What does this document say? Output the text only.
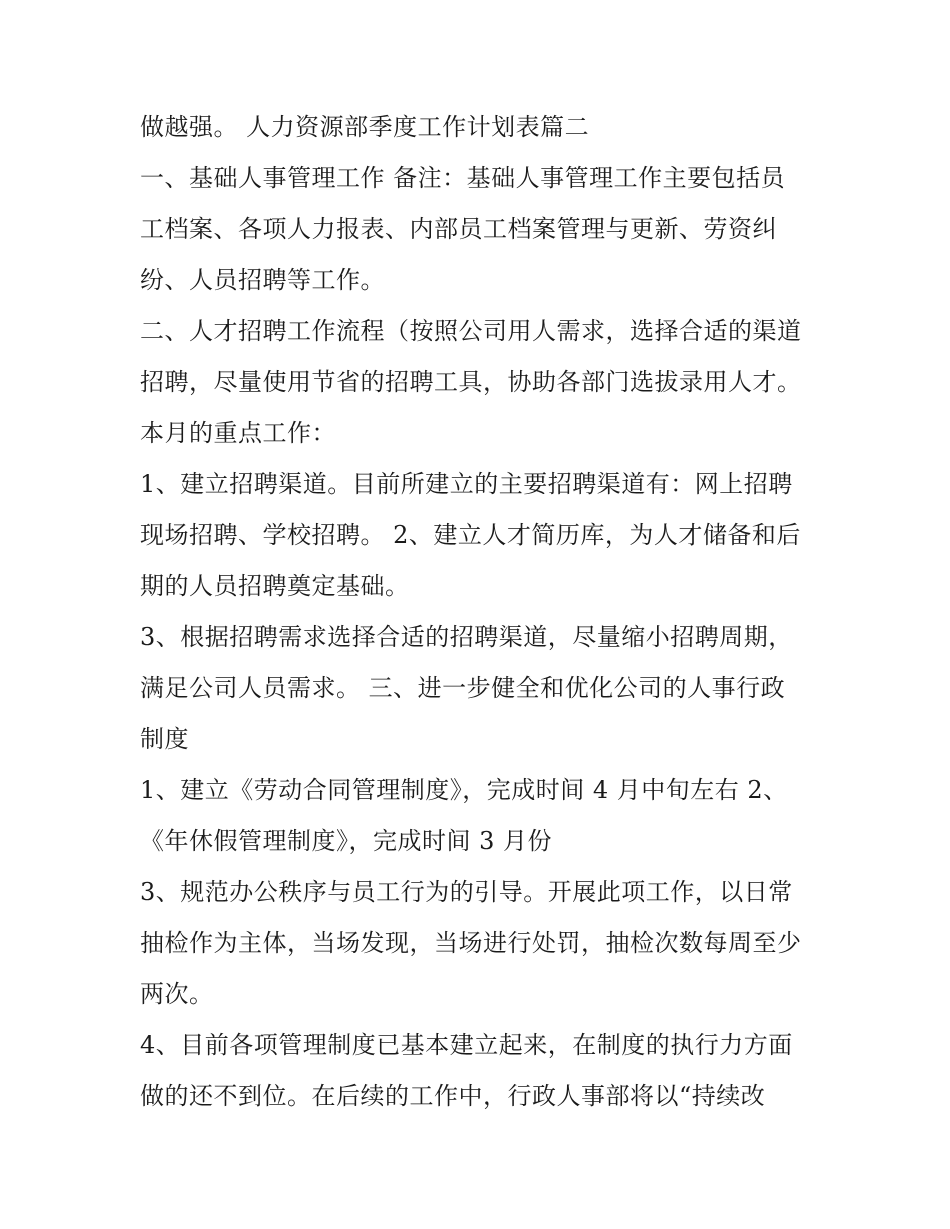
做越强。 人力资源部季度工作计划表篇二
一、基础人事管理工作 备注：基础人事管理工作主要包括员
工档案、各项人力报表、内部员工档案管理与更新、劳资纠
纷、人员招聘等工作。
二、人才招聘工作流程（按照公司用人需求，选择合适的渠道
招聘，尽量使用节省的招聘工具，协助各部门选拔录用人才。
本月的重点工作：
1、建立招聘渠道。目前所建立的主要招聘渠道有：网上招聘
现场招聘、学校招聘。 2、建立人才简历库，为人才储备和后
期的人员招聘奠定基础。
3、根据招聘需求选择合适的招聘渠道，尽量缩小招聘周期，
满足公司人员需求。 三、进一步健全和优化公司的人事行政
制度
1、建立《劳动合同管理制度》，完成时间 4 月中旬左右 2、
《年休假管理制度》，完成时间 3 月份
3、规范办公秩序与员工行为的引导。开展此项工作，以日常
抽检作为主体，当场发现，当场进行处罚，抽检次数每周至少
两次。
4、目前各项管理制度已基本建立起来，在制度的执行力方面
做的还不到位。在后续的工作中，行政人事部将以“持续改
